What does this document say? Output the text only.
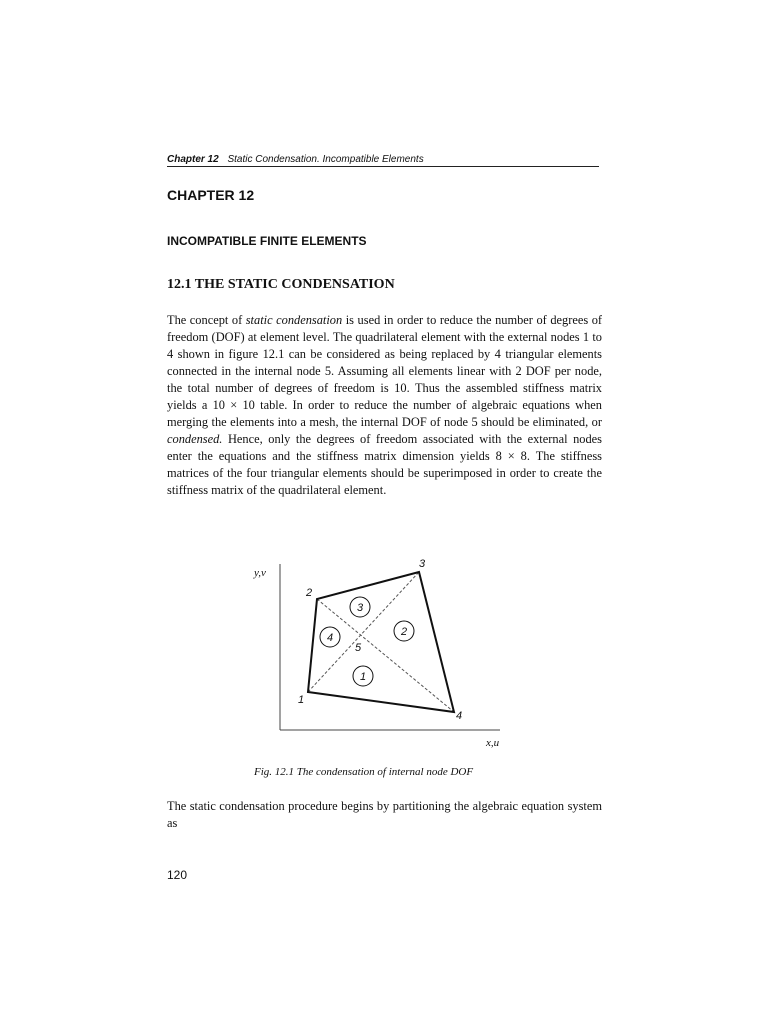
Chapter 12 Static Condensation. Incompatible Elements
CHAPTER 12
INCOMPATIBLE FINITE ELEMENTS
12.1 THE STATIC CONDENSATION
The concept of static condensation is used in order to reduce the number of degrees of freedom (DOF) at element level. The quadrilateral element with the external nodes 1 to 4 shown in figure 12.1 can be considered as being replaced by 4 triangular elements connected in the internal node 5. Assuming all elements linear with 2 DOF per node, the total number of degrees of freedom is 10. Thus the assembled stiffness matrix yields a 10 × 10 table. In order to reduce the number of algebraic equations when merging the elements into a mesh, the internal DOF of node 5 should be eliminated, or condensed. Hence, only the degrees of freedom associated with the external nodes enter the equations and the stiffness matrix dimension yields 8 × 8. The stiffness matrices of the four triangular elements should be superimposed in order to create the stiffness matrix of the quadrilateral element.
y,v
x,u
1
2
3
4
5
1
2
3
4
Fig. 12.1 The condensation of internal node DOF
The static condensation procedure begins by partitioning the algebraic equation system as
120
